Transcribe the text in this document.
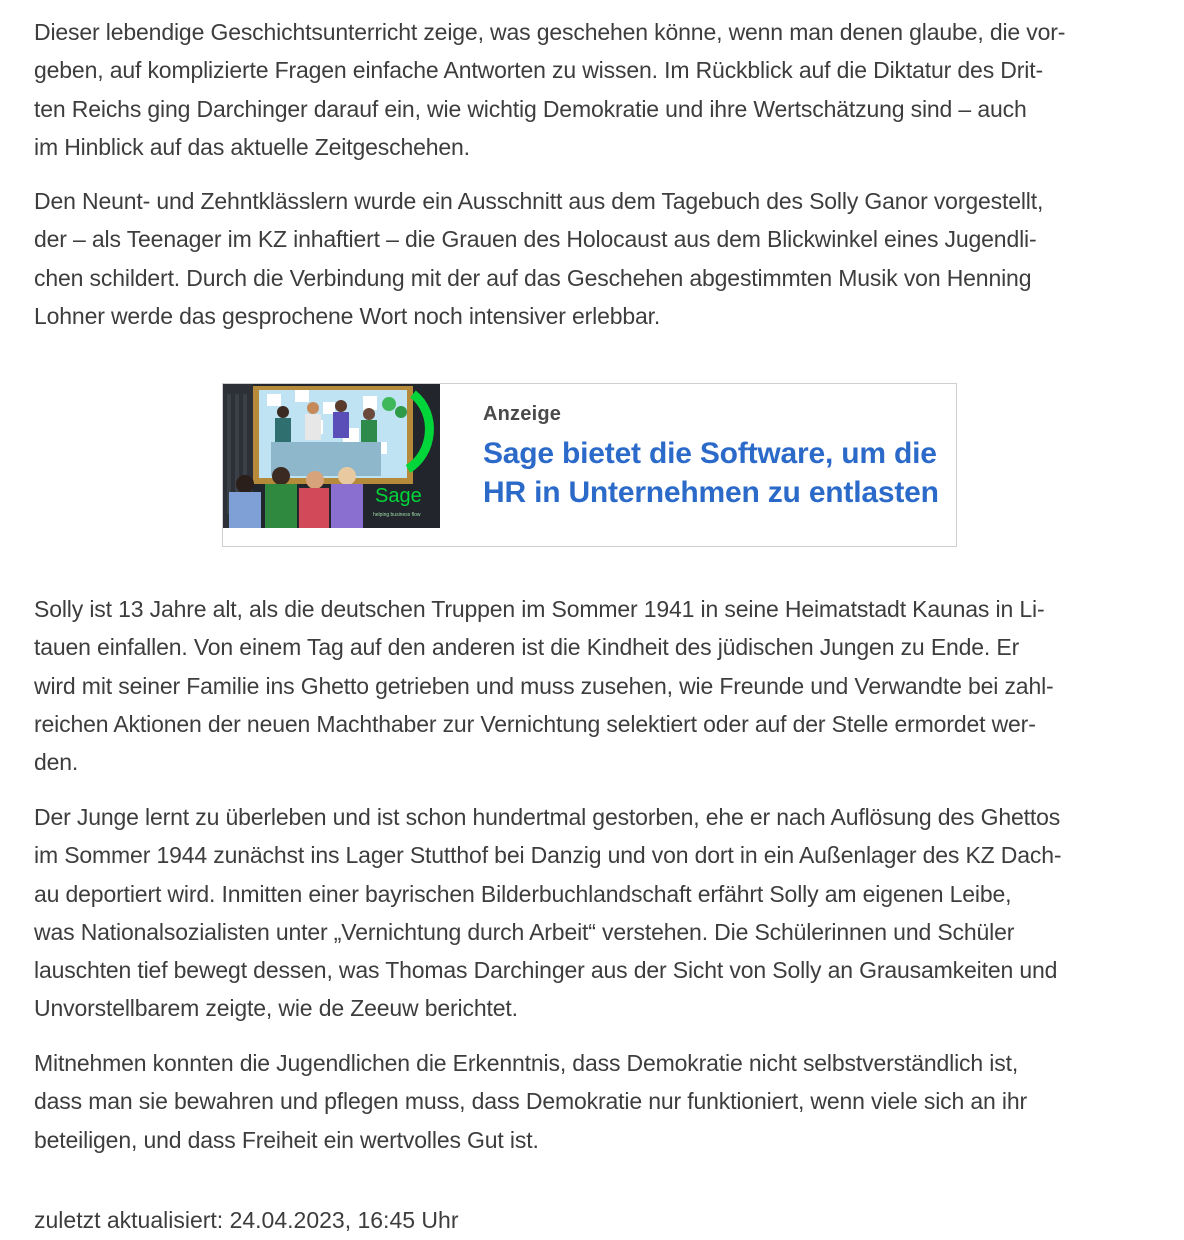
Dieser lebendige Geschichtsunterricht zeige, was geschehen könne, wenn man denen glaube, die vor-
geben, auf komplizierte Fragen einfache Antworten zu wissen. Im Rückblick auf die Diktatur des Drit-
ten Reichs ging Darchinger darauf ein, wie wichtig Demokratie und ihre Wertschätzung sind – auch
im Hinblick auf das aktuelle Zeitgeschehen.

Den Neunt- und Zehntklässlern wurde ein Ausschnitt aus dem Tagebuch des Solly Ganor vorgestellt,
der – als Teenager im KZ inhaftiert – die Grauen des Holocaust aus dem Blickwinkel eines Jugendli-
chen schildert. Durch die Verbindung mit der auf das Geschehen abgestimmten Musik von Henning
Lohner werde das gesprochene Wort noch intensiver erlebbar.

Solly ist 13 Jahre alt, als die deutschen Truppen im Sommer 1941 in seine Heimatstadt Kaunas in Li-
tauen einfallen. Von einem Tag auf den anderen ist die Kindheit des jüdischen Jungen zu Ende. Er
wird mit seiner Familie ins Ghetto getrieben und muss zusehen, wie Freunde und Verwandte bei zahl-
reichen Aktionen der neuen Machthaber zur Vernichtung selektiert oder auf der Stelle ermordet wer-
den.

Der Junge lernt zu überleben und ist schon hundertmal gestorben, ehe er nach Auflösung des Ghettos
im Sommer 1944 zunächst ins Lager Stutthof bei Danzig und von dort in ein Außenlager des KZ Dach-
au deportiert wird. Inmitten einer bayrischen Bilderbuchlandschaft erfährt Solly am eigenen Leibe,
was Nationalsozialisten unter „Vernichtung durch Arbeit“ verstehen. Die Schülerinnen und Schüler
lauschten tief bewegt dessen, was Thomas Darchinger aus der Sicht von Solly an Grausamkeiten und
Unvorstellbarem zeigte, wie de Zeeuw berichtet.

Mitnehmen konnten die Jugendlichen die Erkenntnis, dass Demokratie nicht selbstverständlich ist,
dass man sie bewahren und pflegen muss, dass Demokratie nur funktioniert, wenn viele sich an ihr
beteiligen, und dass Freiheit ein wertvolles Gut ist.

zuletzt aktualisiert: 24.04.2023, 16:45 Uhr

Sage
helping business flow
Anzeige
Sage bietet die Software, um die
HR in Unternehmen zu entlasten
